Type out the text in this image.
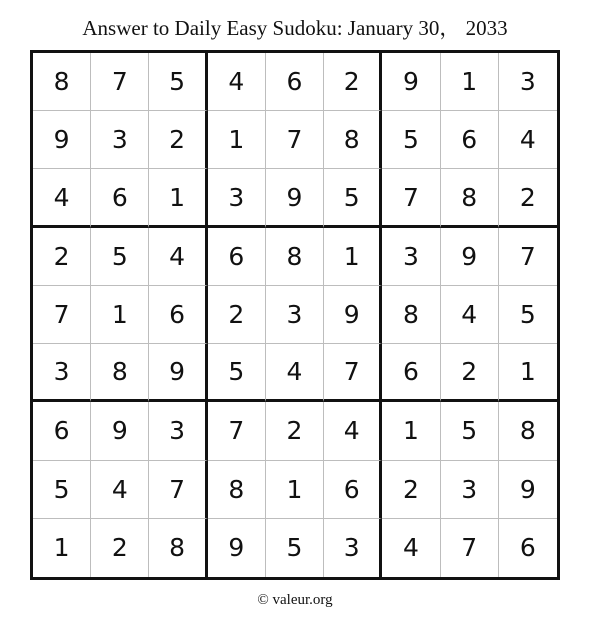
Answer to Daily Easy Sudoku: January 30， 2033
8	7	5	4	6	2	9	1	3
9	3	2	1	7	8	5	6	4
4	6	1	3	9	5	7	8	2
2	5	4	6	8	1	3	9	7
7	1	6	2	3	9	8	4	5
3	8	9	5	4	7	6	2	1
6	9	3	7	2	4	1	5	8
5	4	7	8	1	6	2	3	9
1	2	8	9	5	3	4	7	6
© valeur.org
